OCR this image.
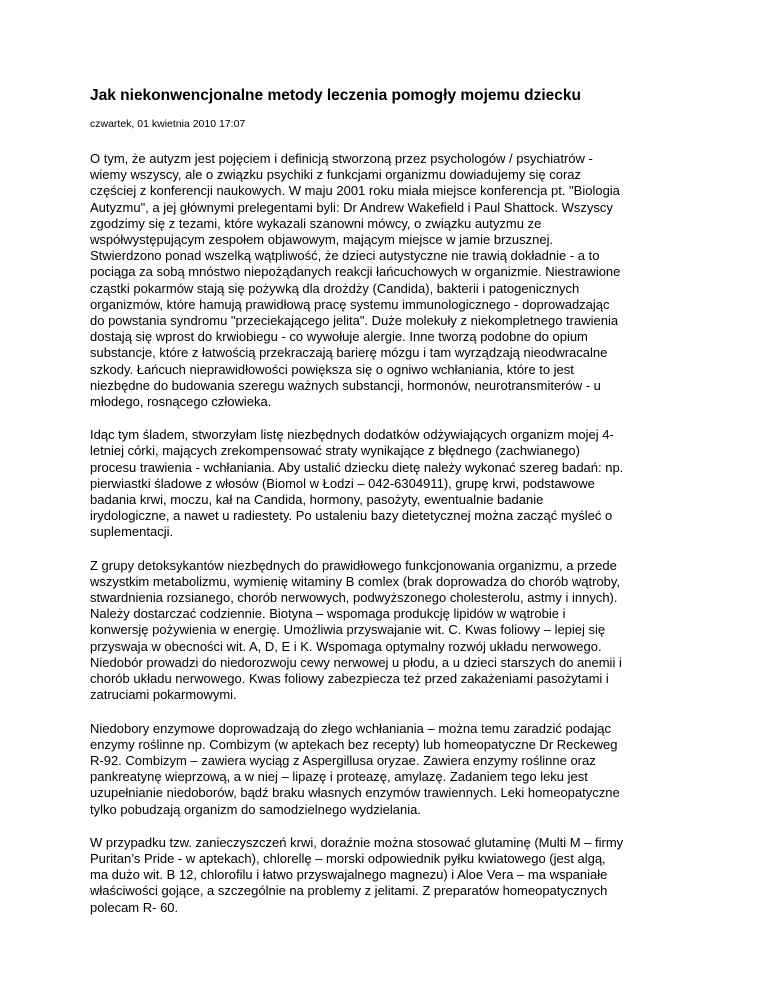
Jak niekonwencjonalne metody leczenia pomogły mojemu dziecku
czwartek, 01 kwietnia 2010 17:07

O tym, że autyzm jest pojęciem i definicją stworzoną przez psychologów / psychiatrów -
wiemy wszyscy, ale o związku psychiki z funkcjami organizmu dowiadujemy się coraz
częściej z konferencji naukowych. W maju 2001 roku miała miejsce konferencja pt. "Biologia
Autyzmu", a jej głównymi prelegentami byli: Dr Andrew Wakefield i Paul Shattock. Wszyscy
zgodzimy się z tezami, które wykazali szanowni mówcy, o związku autyzmu ze
współwystępującym zespołem objawowym, mającym miejsce w jamie brzusznej.
Stwierdzono ponad wszelką wątpliwość, że dzieci autystyczne nie trawią dokładnie - a to
pociąga za sobą mnóstwo niepożądanych reakcji łańcuchowych w organizmie. Niestrawione
cząstki pokarmów stają się pożywką dla drożdży (Candida), bakterii i patogenicznych
organizmów, które hamują prawidłową pracę systemu immunologicznego - doprowadzając
do powstania syndromu "przeciekającego jelita". Duże molekuły z niekompletnego trawienia
dostają się wprost do krwiobiegu - co wywołuje alergie. Inne tworzą podobne do opium
substancje, które z łatwością przekraczają barierę mózgu i tam wyrządzają nieodwracalne
szkody. Łańcuch nieprawidłowości powiększa się o ogniwo wchłaniania, które to jest
niezbędne do budowania szeregu ważnych substancji, hormonów, neurotransmiterów - u
młodego, rosnącego człowieka.

Idąc tym śladem, stworzyłam listę niezbędnych dodatków odżywiających organizm mojej 4-
letniej córki, mających zrekompensować straty wynikające z błędnego (zachwianego)
procesu trawienia - wchłaniania. Aby ustalić dziecku dietę należy wykonać szereg badań: np.
pierwiastki śladowe z włosów (Biomol w Łodzi – 042-6304911), grupę krwi, podstawowe
badania krwi, moczu, kał na Candida, hormony, pasożyty, ewentualnie badanie
irydologiczne, a nawet u radiestety. Po ustaleniu bazy dietetycznej można zacząć myśleć o
suplementacji.

Z grupy detoksykantów niezbędnych do prawidłowego funkcjonowania organizmu, a przede
wszystkim metabolizmu, wymienię witaminy B comlex (brak doprowadza do chorób wątroby,
stwardnienia rozsianego, chorób nerwowych, podwyższonego cholesterolu, astmy i innych).
Należy dostarczać codziennie. Biotyna – wspomaga produkcję lipidów w wątrobie i
konwersję pożywienia w energię. Umożliwia przyswajanie wit. C. Kwas foliowy – lepiej się
przyswaja w obecności wit. A, D, E i K. Wspomaga optymalny rozwój układu nerwowego.
Niedobór prowadzi do niedorozwoju cewy nerwowej u płodu, a u dzieci starszych do anemii i
chorób układu nerwowego. Kwas foliowy zabezpiecza też przed zakażeniami pasożytami i
zatruciami pokarmowymi.

Niedobory enzymowe doprowadzają do złego wchłaniania – można temu zaradzić podając
enzymy roślinne np. Combizym (w aptekach bez recepty) lub homeopatyczne Dr Reckeweg
R-92. Combizym – zawiera wyciąg z Aspergillusa oryzae. Zawiera enzymy roślinne oraz
pankreatynę wieprzową, a w niej – lipazę i proteazę, amylazę. Zadaniem tego leku jest
uzupełnianie niedoborów, bądź braku własnych enzymów trawiennych. Leki homeopatyczne
tylko pobudzają organizm do samodzielnego wydzielania.

W przypadku tzw. zanieczyszczeń krwi, doraźnie można stosować glutaminę (Multi M – firmy
Puritan’s Pride - w aptekach), chlorellę – morski odpowiednik pyłku kwiatowego (jest algą,
ma dużo wit. B 12, chlorofilu i łatwo przyswajalnego magnezu) i Aloe Vera – ma wspaniałe
właściwości gojące, a szczególnie na problemy z jelitami. Z preparatów homeopatycznych
polecam R- 60.
